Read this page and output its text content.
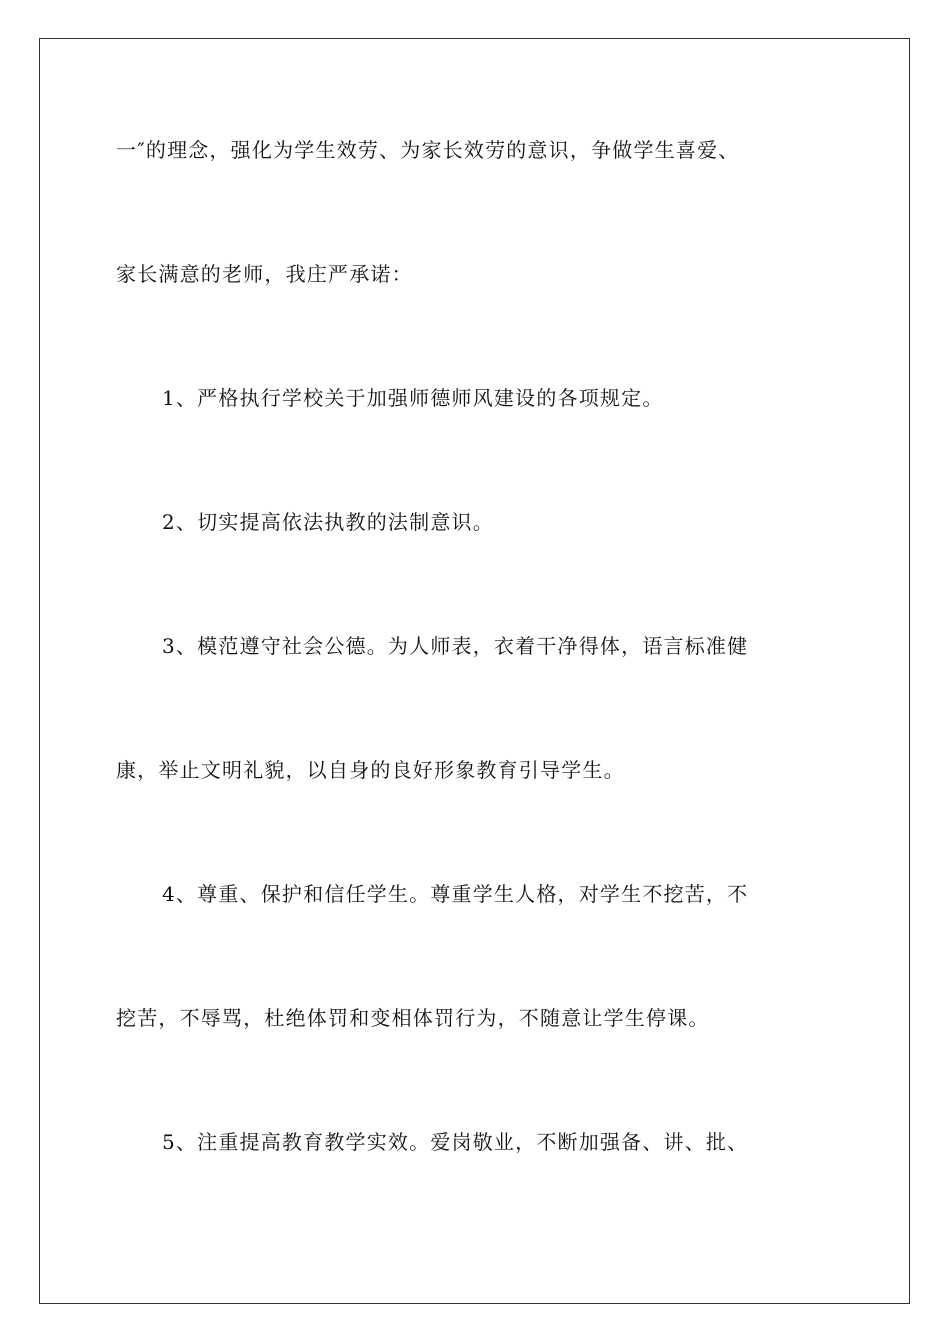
一″的理念，强化为学生效劳、为家长效劳的意识，争做学生喜爱、
家长满意的老师，我庄严承诺：
1、严格执行学校关于加强师德师风建设的各项规定。
2、切实提高依法执教的法制意识。
3、模范遵守社会公德。为人师表，衣着干净得体，语言标准健
康，举止文明礼貌，以自身的良好形象教育引导学生。
4、尊重、保护和信任学生。尊重学生人格，对学生不挖苦，不
挖苦，不辱骂，杜绝体罚和变相体罚行为，不随意让学生停课。
5、注重提高教育教学实效。爱岗敬业，不断加强备、讲、批、
